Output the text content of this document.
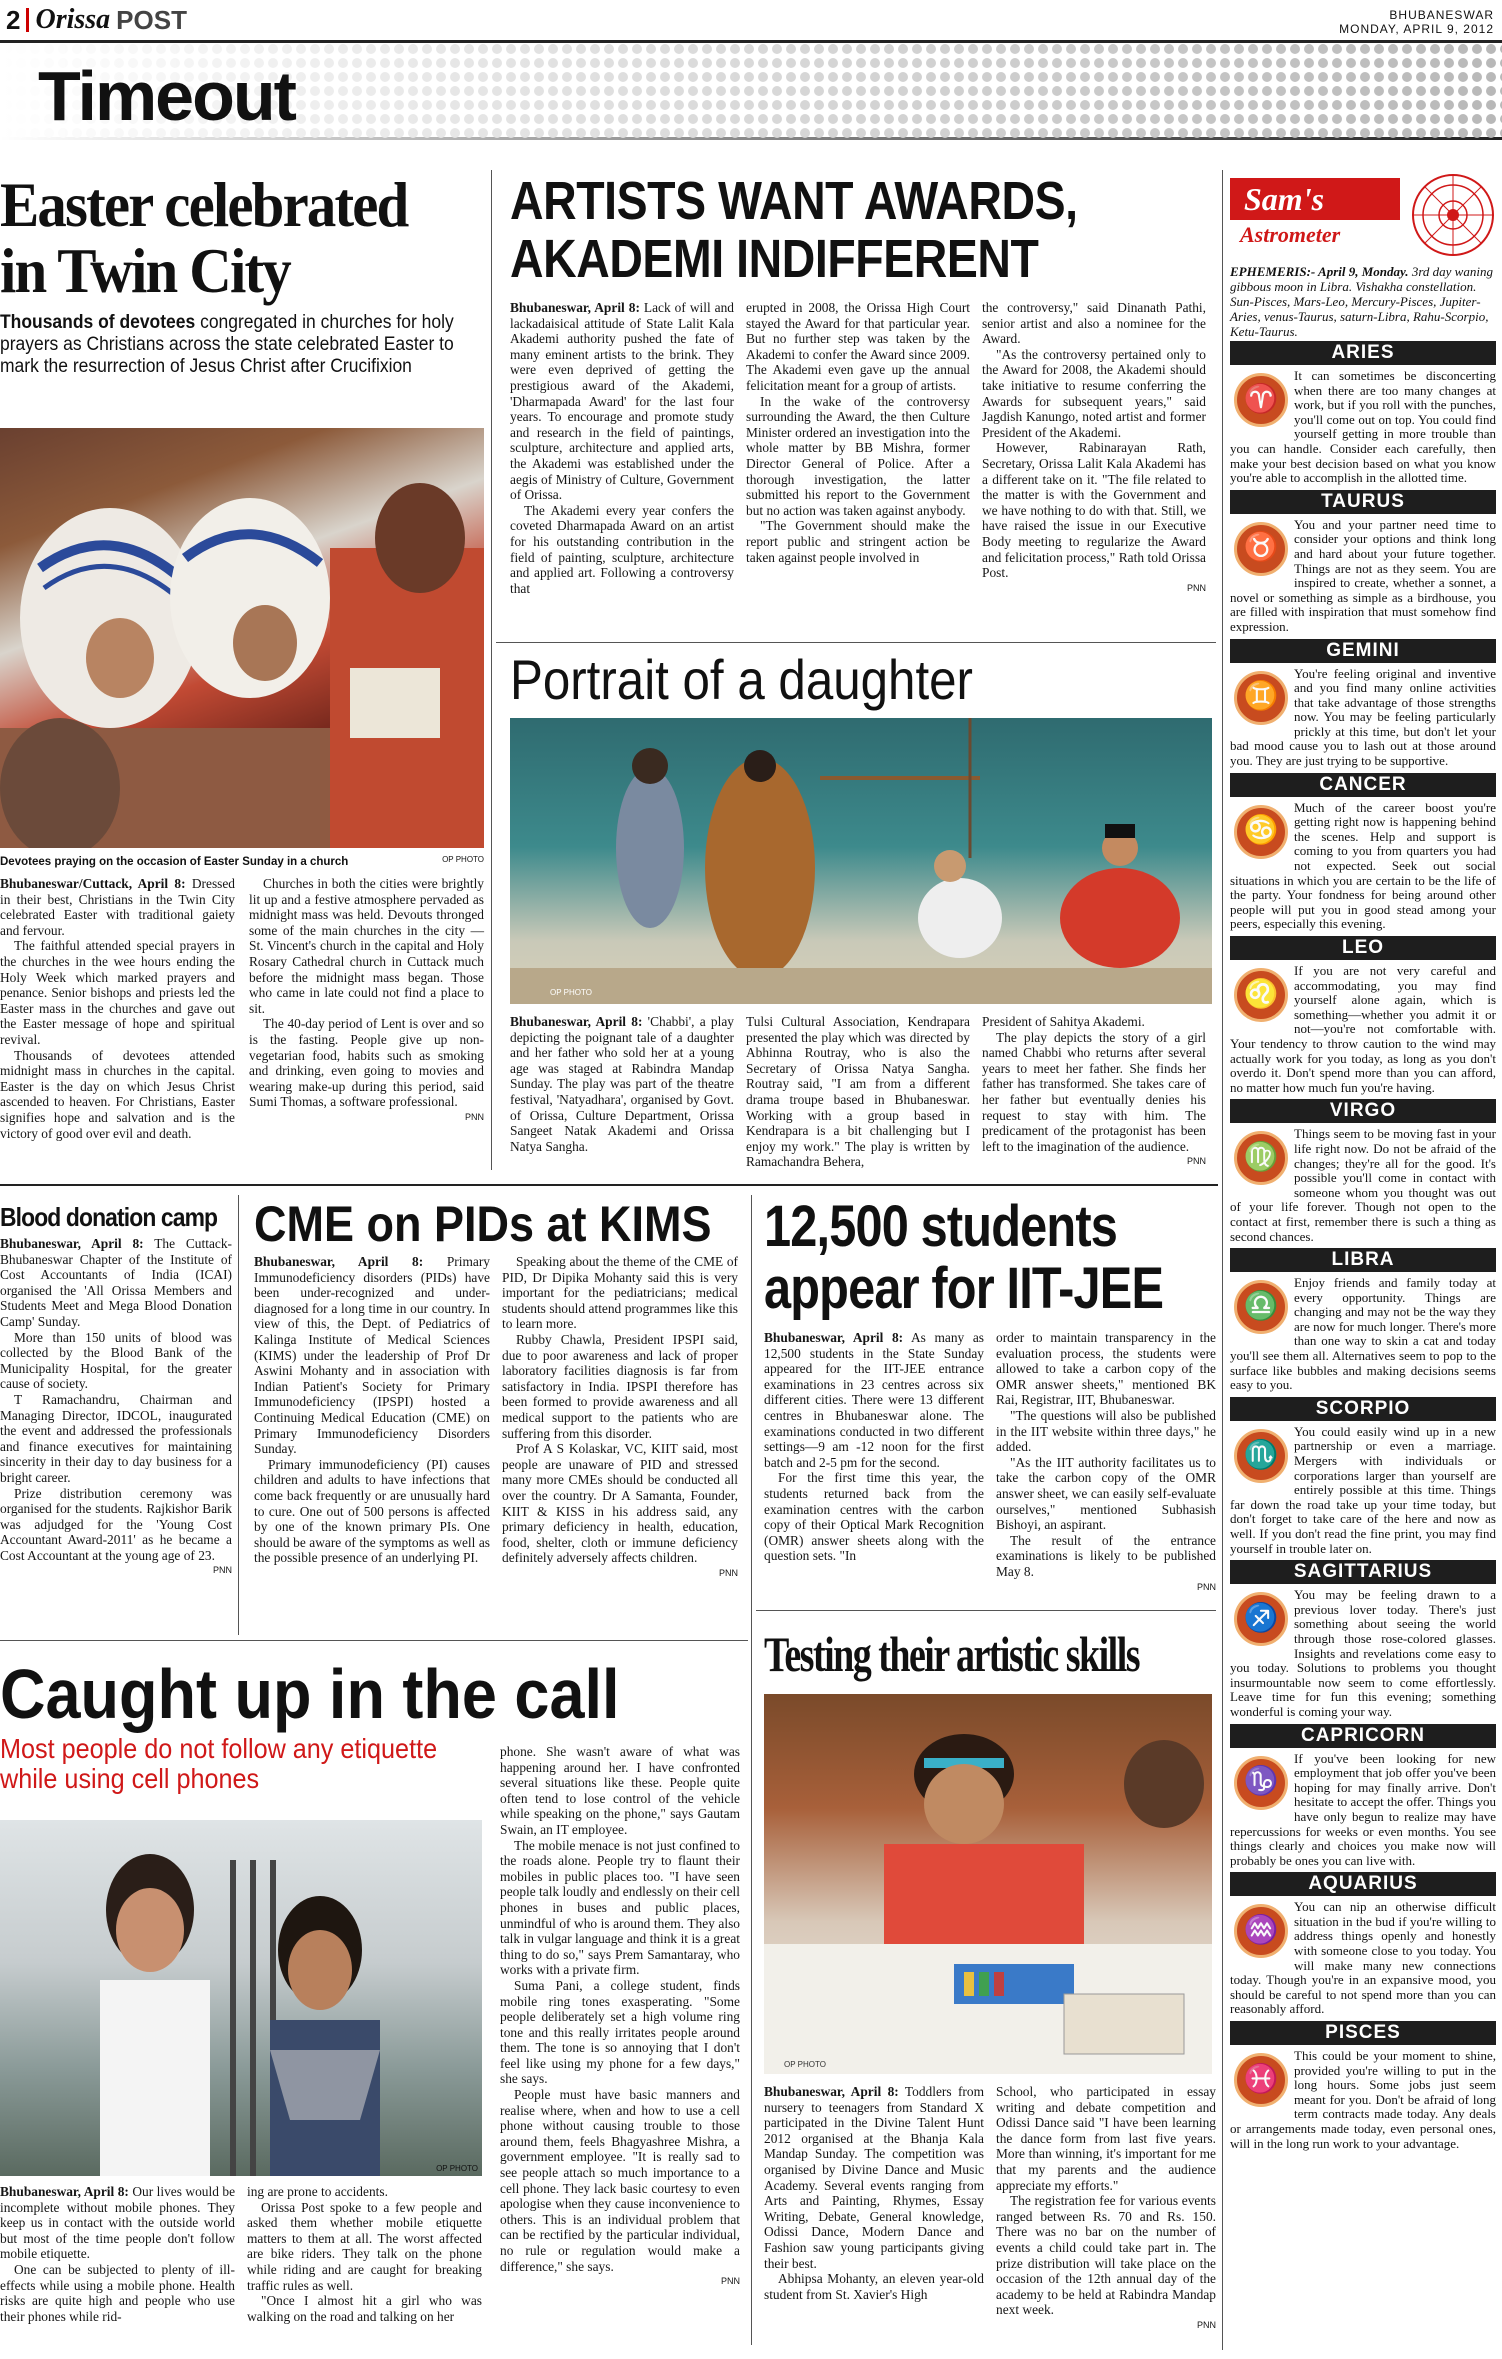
2 Orissa POST	BHUBANESWAR
MONDAY, APRIL 9, 2012
Timeout
Easter celebrated in Twin City
Thousands of devotees congregated in churches for holy prayers as Christians across the state celebrated Easter to mark the resurrection of Jesus Christ after Crucifixion
Devotees praying on the occasion of Easter Sunday in a church	OP PHOTO

Bhubaneswar/Cuttack, April 8: Dressed in their best, Christians in the Twin City celebrated Easter with traditional gaiety and fervour.

The faithful attended special prayers in the churches in the wee hours ending the Holy Week which marked prayers and penance. Senior bishops and priests led the Easter mass in the churches and gave out the Easter message of hope and spiritual revival.

Thousands of devotees attended midnight mass in churches in the capital. Easter is the day on which Jesus Christ ascended to heaven. For Christians, Easter signifies hope and salvation and is the victory of good over evil and death.

Churches in both the cities were brightly lit up and a festive atmosphere pervaded as midnight mass was held. Devouts thronged some of the main churches in the city — St. Vincent's church in the capital and Holy Rosary Cathedral church in Cuttack much before the midnight mass began. Those who came in late could not find a place to sit.

The 40-day period of Lent is over and so is the fasting. People give up non-vegetarian food, habits such as smoking and drinking, even going to movies and wearing make-up during this period, said Sumi Thomas, a software professional.

PNN
ARTISTS WANT AWARDS, AKADEMI INDIFFERENT

Bhubaneswar, April 8: Lack of will and lackadaisical attitude of State Lalit Kala Akademi authority pushed the fate of many eminent artists to the brink. They were even deprived of getting the prestigious award of the Akademi, 'Dharmapada Award' for the last four years. To encourage and promote study and research in the field of paintings, sculpture, architecture and applied arts, the Akademi was established under the aegis of Ministry of Culture, Government of Orissa.

The Akademi every year confers the coveted Dharmapada Award on an artist for his outstanding contribution in the field of painting, sculpture, architecture and applied art. Following a controversy that

erupted in 2008, the Orissa High Court stayed the Award for that particular year. But no further step was taken by the Akademi to confer the Award since 2009. The Akademi even gave up the annual felicitation meant for a group of artists.

In the wake of the controversy surrounding the Award, the then Culture Minister ordered an investigation into the whole matter by BB Mishra, former Director General of Police. After a thorough investigation, the latter submitted his report to the Government but no action was taken against anybody.

"The Government should make the report public and stringent action be taken against people involved in

the controversy," said Dinanath Pathi, senior artist and also a nominee for the Award.

"As the controversy pertained only to the Award for 2008, the Akademi should take initiative to resume conferring the Awards for subsequent years," said Jagdish Kanungo, noted artist and former President of the Akademi.

However, Rabinarayan Rath, Secretary, Orissa Lalit Kala Akademi has a different take on it. "The file related to the matter is with the Government and we have nothing to do with that. Still, we have raised the issue in our Executive Body meeting to regularize the Award and felicitation process," Rath told Orissa Post.

PNN
Portrait of a daughter
OP PHOTO

Bhubaneswar, April 8: 'Chabbi', a play depicting the poignant tale of a daughter and her father who sold her at a young age was staged at Rabindra Mandap Sunday. The play was part of the theatre festival, 'Natyadhara', organised by Govt. of Orissa, Culture Department, Orissa Sangeet Natak Akademi and Orissa Natya Sangha.

Tulsi Cultural Association, Kendrapara presented the play which was directed by Abhinna Routray, who is also the Secretary of Orissa Natya Sangha. Routray said, "I am from a different drama troupe based in Bhubaneswar. Working with a group based in Kendrapara is a bit challenging but I enjoy my work." The play is written by Ramachandra Behera,

President of Sahitya Akademi.

The play depicts the story of a girl named Chabbi who returns after several years to meet her father. She finds her father has transformed. She takes care of her father but eventually denies his request to stay with him. The predicament of the protagonist has been left to the imagination of the audience.

PNN
Blood donation camp

Bhubaneswar, April 8: The Cuttack-Bhubaneswar Chapter of the Institute of Cost Accountants of India (ICAI) organised the 'All Orissa Members and Students Meet and Mega Blood Donation Camp' Sunday.

More than 150 units of blood was collected by the Blood Bank of the Municipality Hospital, for the greater cause of society.

T Ramachandru, Chairman and Managing Director, IDCOL, inaugurated the event and addressed the professionals and finance executives for maintaining sincerity in their day to day business for a bright career.

Prize distribution ceremony was organised for the students. Rajkishor Barik was adjudged for the 'Young Cost Accountant Award-2011' as he became a Cost Accountant at the young age of 23.

PNN
CME on PIDs at KIMS

Bhubaneswar, April 8: Primary Immunodeficiency disorders (PIDs) have been under-recognized and under-diagnosed for a long time in our country. In view of this, the Dept. of Pediatrics of Kalinga Institute of Medical Sciences (KIMS) under the leadership of Prof Dr Aswini Mohanty and in association with Indian Patient's Society for Primary Immunodeficiency (IPSPI) hosted a Continuing Medical Education (CME) on Primary Immunodeficiency Disorders Sunday.

Primary immunodeficiency (PI) causes children and adults to have infections that come back frequently or are unusually hard to cure. One out of 500 persons is affected by one of the known primary PIs. One should be aware of the symptoms as well as the possible presence of an underlying PI.

Speaking about the theme of the CME of PID, Dr Dipika Mohanty said this is very important for the pediatricians; medical students should attend programmes like this to learn more.

Rubby Chawla, President IPSPI said, due to poor awareness and lack of proper laboratory facilities diagnosis is far from satisfactory in India. IPSPI therefore has been formed to provide awareness and all medical support to the patients who are suffering from this disorder.

Prof A S Kolaskar, VC, KIIT said, most people are unaware of PID and stressed many more CMEs should be conducted all over the country. Dr A Samanta, Founder, KIIT & KISS in his address said, any primary deficiency in health, education, food, shelter, cloth or immune deficiency definitely adversely affects children.

PNN
12,500 students appear for IIT-JEE

Bhubaneswar, April 8: As many as 12,500 students in the State Sunday appeared for the IIT-JEE entrance examinations in 23 centres across six different cities. There were 13 different centres in Bhubaneswar alone. The examinations conducted in two different settings—9 am -12 noon for the first batch and 2-5 pm for the second.

For the first time this year, the students returned back from the examination centres with the carbon copy of their Optical Mark Recognition (OMR) answer sheets along with the question sets. "In

order to maintain transparency in the evaluation process, the students were allowed to take a carbon copy of the OMR answer sheets," mentioned BK Rai, Registrar, IIT, Bhubaneswar.

"The questions will also be published in the IIT website within three days," he added.

"As the IIT authority facilitates us to take the carbon copy of the OMR answer sheet, we can easily self-evaluate ourselves," mentioned Subhasish Bishoyi, an aspirant.

The result of the entrance examinations is likely to be published May 8.

PNN
Caught up in the call
Most people do not follow any etiquette while using cell phones
OP PHOTO

Bhubaneswar, April 8: Our lives would be incomplete without mobile phones. They keep us in contact with the outside world but most of the time people don't follow mobile etiquette.

One can be subjected to plenty of ill-effects while using a mobile phone. Health risks are quite high and people who use their phones while rid-

ing are prone to accidents.

Orissa Post spoke to a few people and asked them whether mobile etiquette matters to them at all. The worst affected are bike riders. They talk on the phone while riding and are caught for breaking traffic rules as well.

"Once I almost hit a girl who was walking on the road and talking on her

phone. She wasn't aware of what was happening around her. I have confronted several situations like these. People quite often tend to lose control of the vehicle while speaking on the phone," says Gautam Swain, an IT employee.

The mobile menace is not just confined to the roads alone. People try to flaunt their mobiles in public places too. "I have seen people talk loudly and endlessly on their cell phones in buses and public places, unmindful of who is around them. They also talk in vulgar language and think it is a great thing to do so," says Prem Samantaray, who works with a private firm.

Suma Pani, a college student, finds mobile ring tones exasperating. "Some people deliberately set a high volume ring tone and this really irritates people around them. The tone is so annoying that I don't feel like using my phone for a few days," she says.

People must have basic manners and realise where, when and how to use a cell phone without causing trouble to those around them, feels Bhagyashree Mishra, a government employee. "It is really sad to see people attach so much importance to a cell phone. They lack basic courtesy to even apologise when they cause inconvenience to others. This is an individual problem that can be rectified by the particular individual, no rule or regulation would make a difference," she says.

PNN
Testing their artistic skills
OP PHOTO

Bhubaneswar, April 8: Toddlers from nursery to teenagers from Standard X participated in the Divine Talent Hunt 2012 organised at the Bhanja Kala Mandap Sunday. The competition was organised by Divine Dance and Music Academy. Several events ranging from Arts and Painting, Rhymes, Essay Writing, Debate, General knowledge, Odissi Dance, Modern Dance and Fashion saw young participants giving their best.

Abhipsa Mohanty, an eleven year-old student from St. Xavier's High

School, who participated in essay writing and debate competition and Odissi Dance said "I have been learning the dance form from last five years. More than winning, it's important for me that my parents and the audience appreciate my efforts."

The registration fee for various events ranged between Rs. 70 and Rs. 150. There was no bar on the number of events a child could take part in. The prize distribution will take place on the occasion of the 12th annual day of the academy to be held at Rabindra Mandap next week.

PNN
Sam's
Astrometer
EPHEMERIS:- April 9, Monday. 3rd day waning gibbous moon in Libra. Vishakha constellation. Sun-Pisces, Mars-Leo, Mercury-Pisces, Jupiter-Aries, venus-Taurus, saturn-Libra, Rahu-Scorpio, Ketu-Taurus.
ARIES
♈
It can sometimes be disconcerting when there are too many changes at work, but if you roll with the punches, you'll come out on top. You could find yourself getting in more trouble than you can handle. Consider each carefully, then make your best decision based on what you know you're able to accomplish in the allotted time.
TAURUS
♉
You and your partner need time to consider your options and think long and hard about your future together. Things are not as they seem. You are inspired to create, whether a sonnet, a novel or something as simple as a birdhouse, you are filled with inspiration that must somehow find expression.
GEMINI
♊
You're feeling original and inventive and you find many online activities that take advantage of those strengths now. You may be feeling particularly prickly at this time, but don't let your bad mood cause you to lash out at those around you. They are just trying to be supportive.
CANCER
♋
Much of the career boost you're getting right now is happening behind the scenes. Help and support is coming to you from quarters you had not expected. Seek out social situations in which you are certain to be the life of the party. Your fondness for being around other people will put you in good stead among your peers, especially this evening.
LEO
♌
If you are not very careful and accommodating, you may find yourself alone again, which is something—whether you admit it or not—you're not comfortable with. Your tendency to throw caution to the wind may actually work for you today, as long as you don't overdo it. Don't spend more than you can afford, no matter how much fun you're having.
VIRGO
♍
Things seem to be moving fast in your life right now. Do not be afraid of the changes; they're all for the good. It's possible you'll come in contact with someone whom you thought was out of your life forever. Though not open to the contact at first, remember there is such a thing as second chances.
LIBRA
♎
Enjoy friends and family today at every opportunity. Things are changing and may not be the way they are now for much longer. There's more than one way to skin a cat and today you'll see them all. Alternatives seem to pop to the surface like bubbles and making decisions seems easy to you.
SCORPIO
♏
You could easily wind up in a new partnership or even a marriage. Mergers with individuals or corporations larger than yourself are entirely possible at this time. Things far down the road take up your time today, but don't forget to take care of the here and now as well. If you don't read the fine print, you may find yourself in trouble later on.
SAGITTARIUS
♐
You may be feeling drawn to a previous lover today. There's just something about seeing the world through those rose-colored glasses. Insights and revelations come easy to you today. Solutions to problems you thought insurmountable now seem to come effortlessly. Leave time for fun this evening; something wonderful is coming your way.
CAPRICORN
♑
If you've been looking for new employment that job offer you've been hoping for may finally arrive. Don't hesitate to accept the offer. Things you have only begun to realize may have repercussions for weeks or even months. You see things clearly and choices you make now will probably be ones you can live with.
AQUARIUS
♒
You can nip an otherwise difficult situation in the bud if you're willing to address things openly and honestly with someone close to you today. You will make many new connections today. Though you're in an expansive mood, you should be careful to not spend more than you can reasonably afford.
PISCES
♓
This could be your moment to shine, provided you're willing to put in the long hours. Some jobs just seem meant for you. Don't be afraid of long term contracts made today. Any deals or arrangements made today, even personal ones, will in the long run work to your advantage.
